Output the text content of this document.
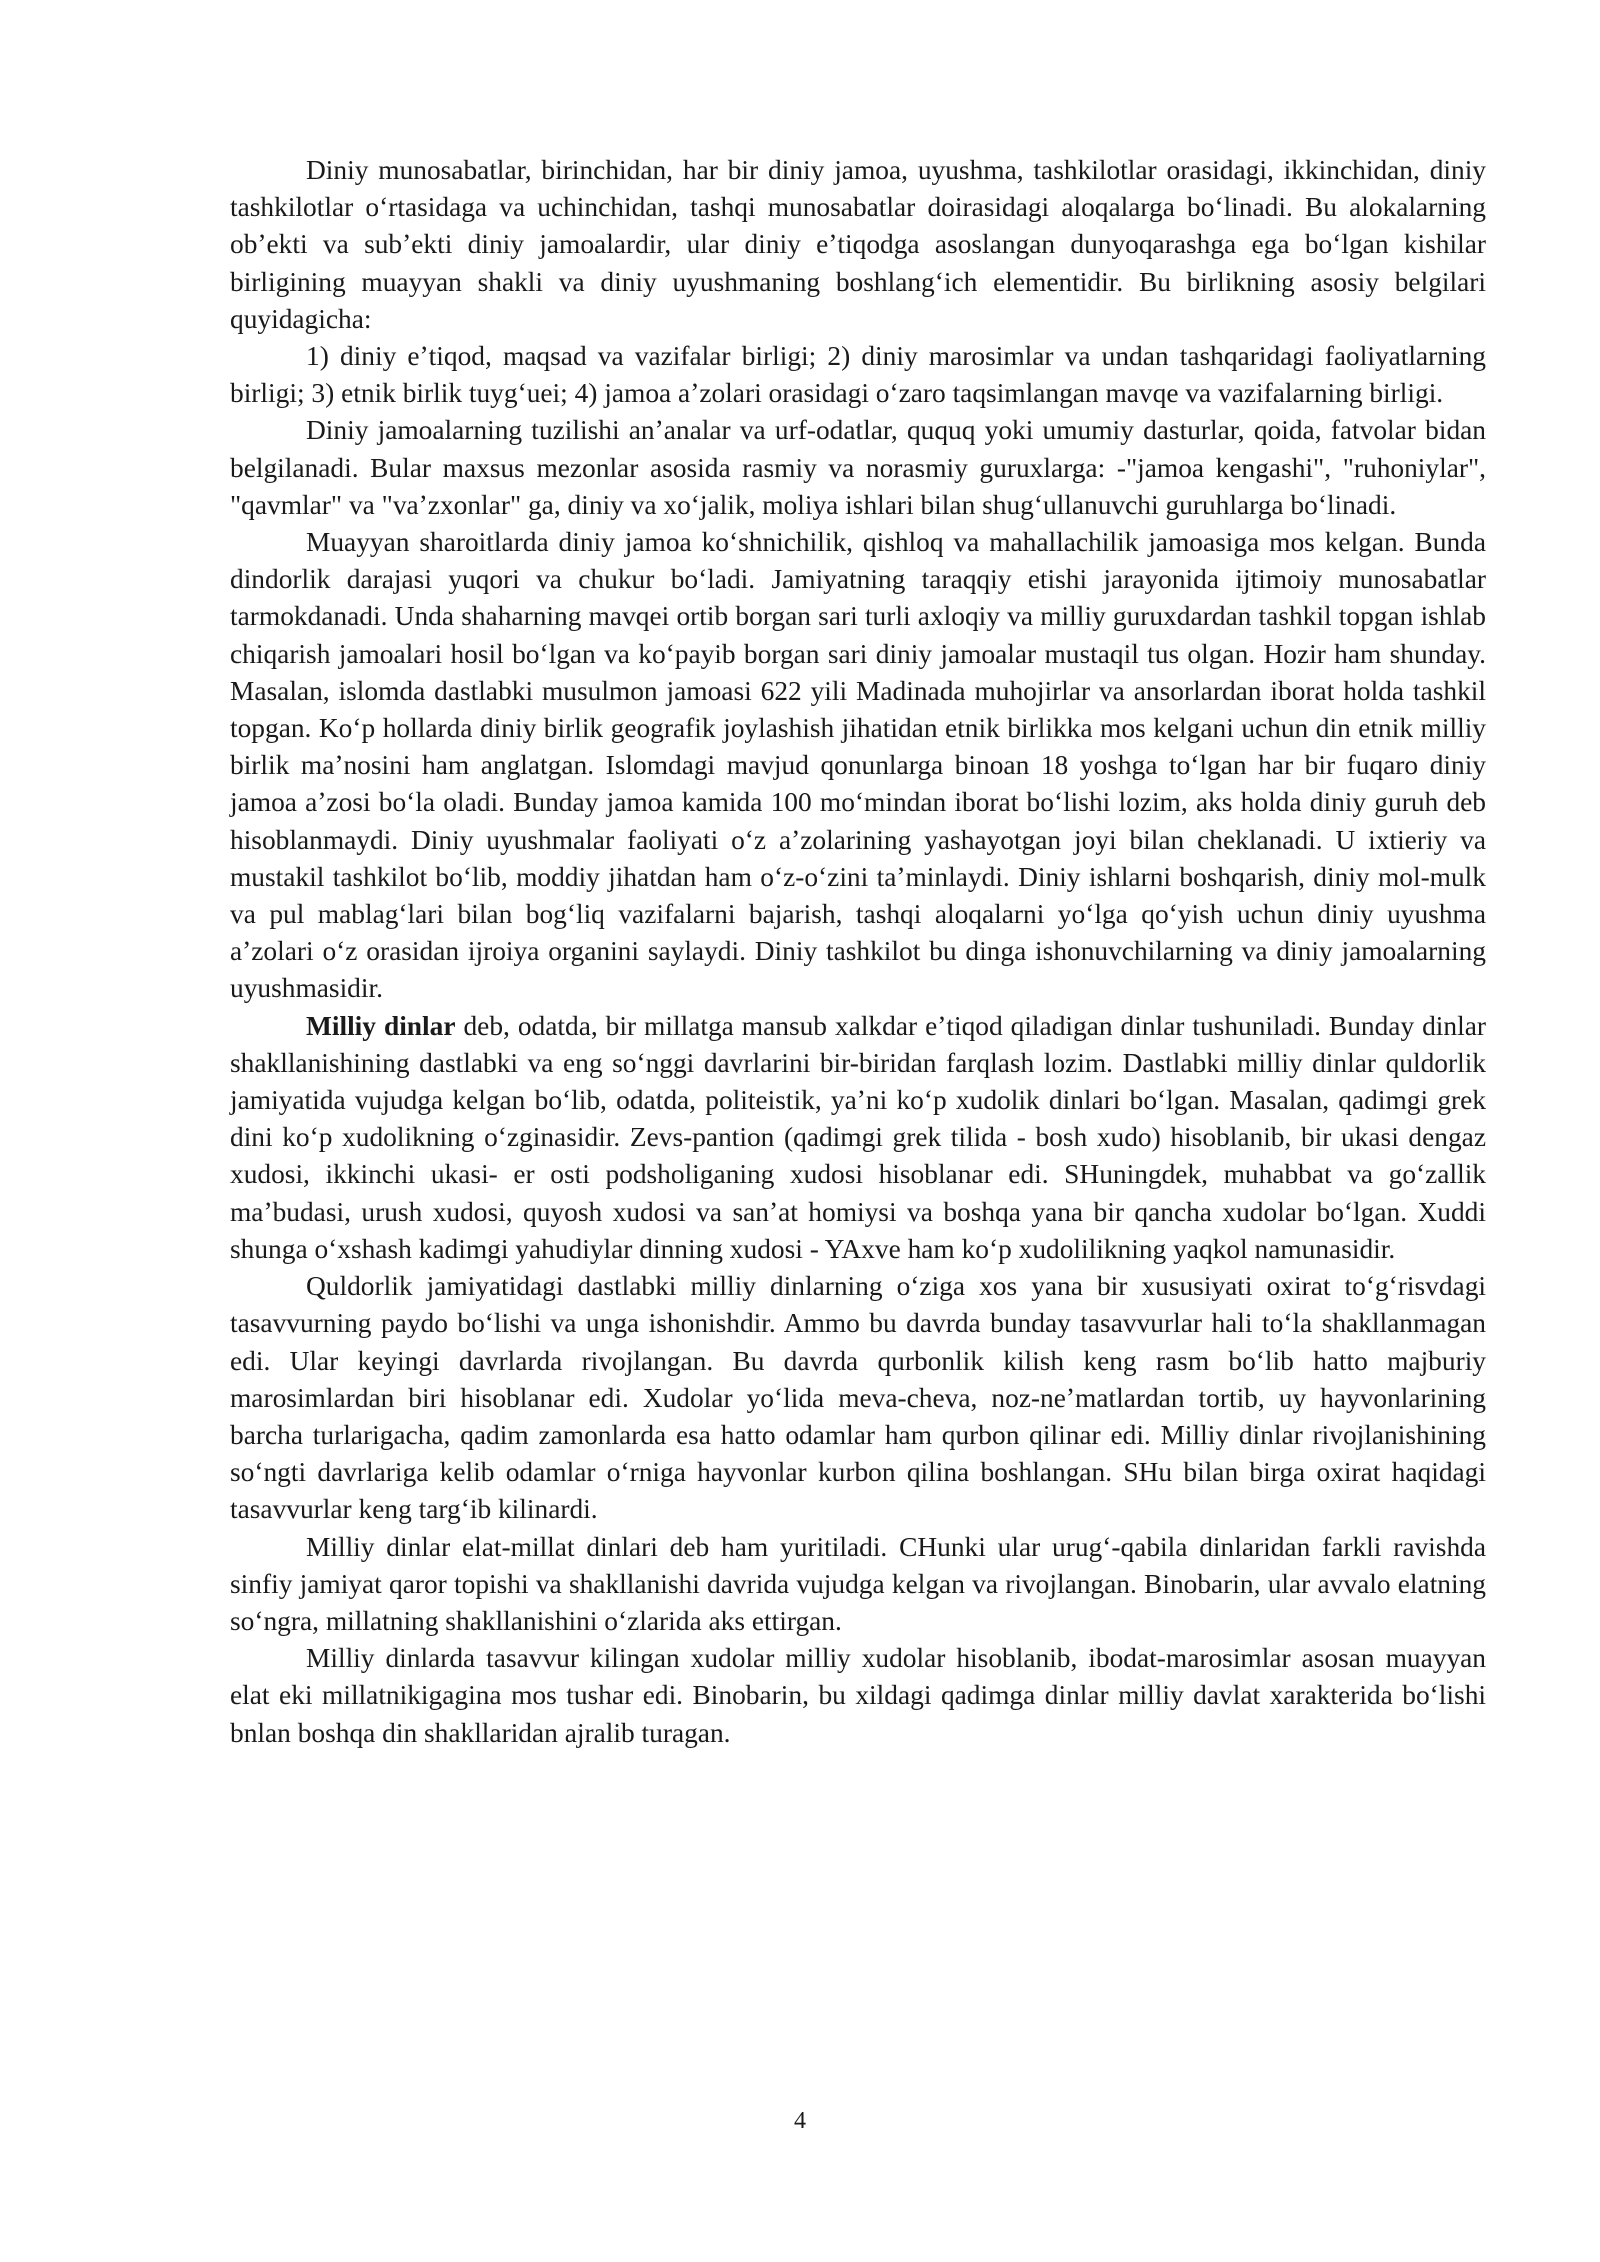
Diniy munosabatlar, birinchidan, har bir diniy jamoa, uyushma, tashkilotlar orasidagi, ikkinchidan, diniy tashkilotlar oʻrtasidaga va uchinchidan, tashqi munosabatlar doirasidagi aloqalarga boʻlinadi. Bu alokalarning obʼekti va subʼekti diniy jamoalardir, ular diniy eʼtiqodga asoslangan dunyoqarashga ega boʻlgan kishilar birligining muayyan shakli va diniy uyushmaning boshlangʻich elementidir. Bu birlikning asosiy belgilari quyidagicha:

1) diniy eʼtiqod, maqsad va vazifalar birligi; 2) diniy marosimlar va undan tashqaridagi faoliyatlarning birligi; 3) etnik birlik tuygʻuei; 4) jamoa aʼzolari orasidagi oʻzaro taqsimlangan mavqe va vazifalarning birligi.

Diniy jamoalarning tuzilishi anʼanalar va urf-odatlar, ququq yoki umumiy dasturlar, qoida, fatvolar bidan belgilanadi. Bular maxsus mezonlar asosida rasmiy va norasmiy guruxlarga: -"jamoa kengashi", "ruhoniylar", "qavmlar" va "vaʼzxonlar" ga, diniy va xoʻjalik, moliya ishlari bilan shugʻullanuvchi guruhlarga boʻlinadi.

Muayyan sharoitlarda diniy jamoa koʻshnichilik, qishloq va mahallachilik jamoasiga mos kelgan. Bunda dindorlik darajasi yuqori va chukur boʻladi. Jamiyatning taraqqiy etishi jarayonida ijtimoiy munosabatlar tarmokdanadi. Unda shaharning mavqei ortib borgan sari turli axloqiy va milliy guruxdardan tashkil topgan ishlab chiqarish jamoalari hosil boʻlgan va koʻpayib borgan sari diniy jamoalar mustaqil tus olgan. Hozir ham shunday. Masalan, islomda dastlabki musulmon jamoasi 622 yili Madinada muhojirlar va ansorlardan iborat holda tashkil topgan. Koʻp hollarda diniy birlik geografik joylashish jihatidan etnik birlikka mos kelgani uchun din etnik milliy birlik maʼnosini ham anglatgan. Islomdagi mavjud qonunlarga binoan 18 yoshga toʻlgan har bir fuqaro diniy jamoa aʼzosi boʻla oladi. Bunday jamoa kamida 100 moʻmindan iborat boʻlishi lozim, aks holda diniy guruh deb hisoblanmaydi. Diniy uyushmalar faoliyati oʻz aʼzolarining yashayotgan joyi bilan cheklanadi. U ixtieriy va mustakil tashkilot boʻlib, moddiy jihatdan ham oʻz-oʻzini taʼminlaydi. Diniy ishlarni boshqarish, diniy mol-mulk va pul mablagʻlari bilan bogʻliq vazifalarni bajarish, tashqi aloqalarni yoʻlga qoʻyish uchun diniy uyushma aʼzolari oʻz orasidan ijroiya organini saylaydi. Diniy tashkilot bu dinga ishonuvchilarning va diniy jamoalarning uyushmasidir.

Milliy dinlar deb, odatda, bir millatga mansub xalkdar eʼtiqod qiladigan dinlar tushuniladi. Bunday dinlar shakllanishining dastlabki va eng soʻnggi davrlarini bir-biridan farqlash lozim. Dastlabki milliy dinlar quldorlik jamiyatida vujudga kelgan boʻlib, odatda, politeistik, yaʼni koʻp xudolik dinlari boʻlgan. Masalan, qadimgi grek dini koʻp xudolikning oʻzginasidir. Zevs-pantion (qadimgi grek tilida - bosh xudo) hisoblanib, bir ukasi dengaz xudosi, ikkinchi ukasi- er osti podsholiganing xudosi hisoblanar edi. SHuningdek, muhabbat va goʻzallik maʼbudasi, urush xudosi, quyosh xudosi va sanʼat homiysi va boshqa yana bir qancha xudolar boʻlgan. Xuddi shunga oʻxshash kadimgi yahudiylar dinning xudosi - YAxve ham koʻp xudolilikning yaqkol namunasidir.

Quldorlik jamiyatidagi dastlabki milliy dinlarning oʻziga xos yana bir xususiyati oxirat toʻgʻrisvdagi tasavvurning paydo boʻlishi va unga ishonishdir. Ammo bu davrda bunday tasavvurlar hali toʻla shakllanmagan edi. Ular keyingi davrlarda rivojlangan. Bu davrda qurbonlik kilish keng rasm boʻlib hatto majburiy marosimlardan biri hisoblanar edi. Xudolar yoʻlida meva-cheva, noz-neʼmatlardan tortib, uy hayvonlarining barcha turlarigacha, qadim zamonlarda esa hatto odamlar ham qurbon qilinar edi. Milliy dinlar rivojlanishining soʻngti davrlariga kelib odamlar oʻrniga hayvonlar kurbon qilina boshlangan. SHu bilan birga oxirat haqidagi tasavvurlar keng targʻib kilinardi.

Milliy dinlar elat-millat dinlari deb ham yuritiladi. CHunki ular urugʻ-qabila dinlaridan farkli ravishda sinfiy jamiyat qaror topishi va shakllanishi davrida vujudga kelgan va rivojlangan. Binobarin, ular avvalo elatning soʻngra, millatning shakllanishini oʻzlarida aks ettirgan.

Milliy dinlarda tasavvur kilingan xudolar milliy xudolar hisoblanib, ibodat-marosimlar asosan muayyan elat eki millatnikigagina mos tushar edi. Binobarin, bu xildagi qadimga dinlar milliy davlat xarakterida boʻlishi bnlan boshqa din shakllaridan ajralib turagan.

4
